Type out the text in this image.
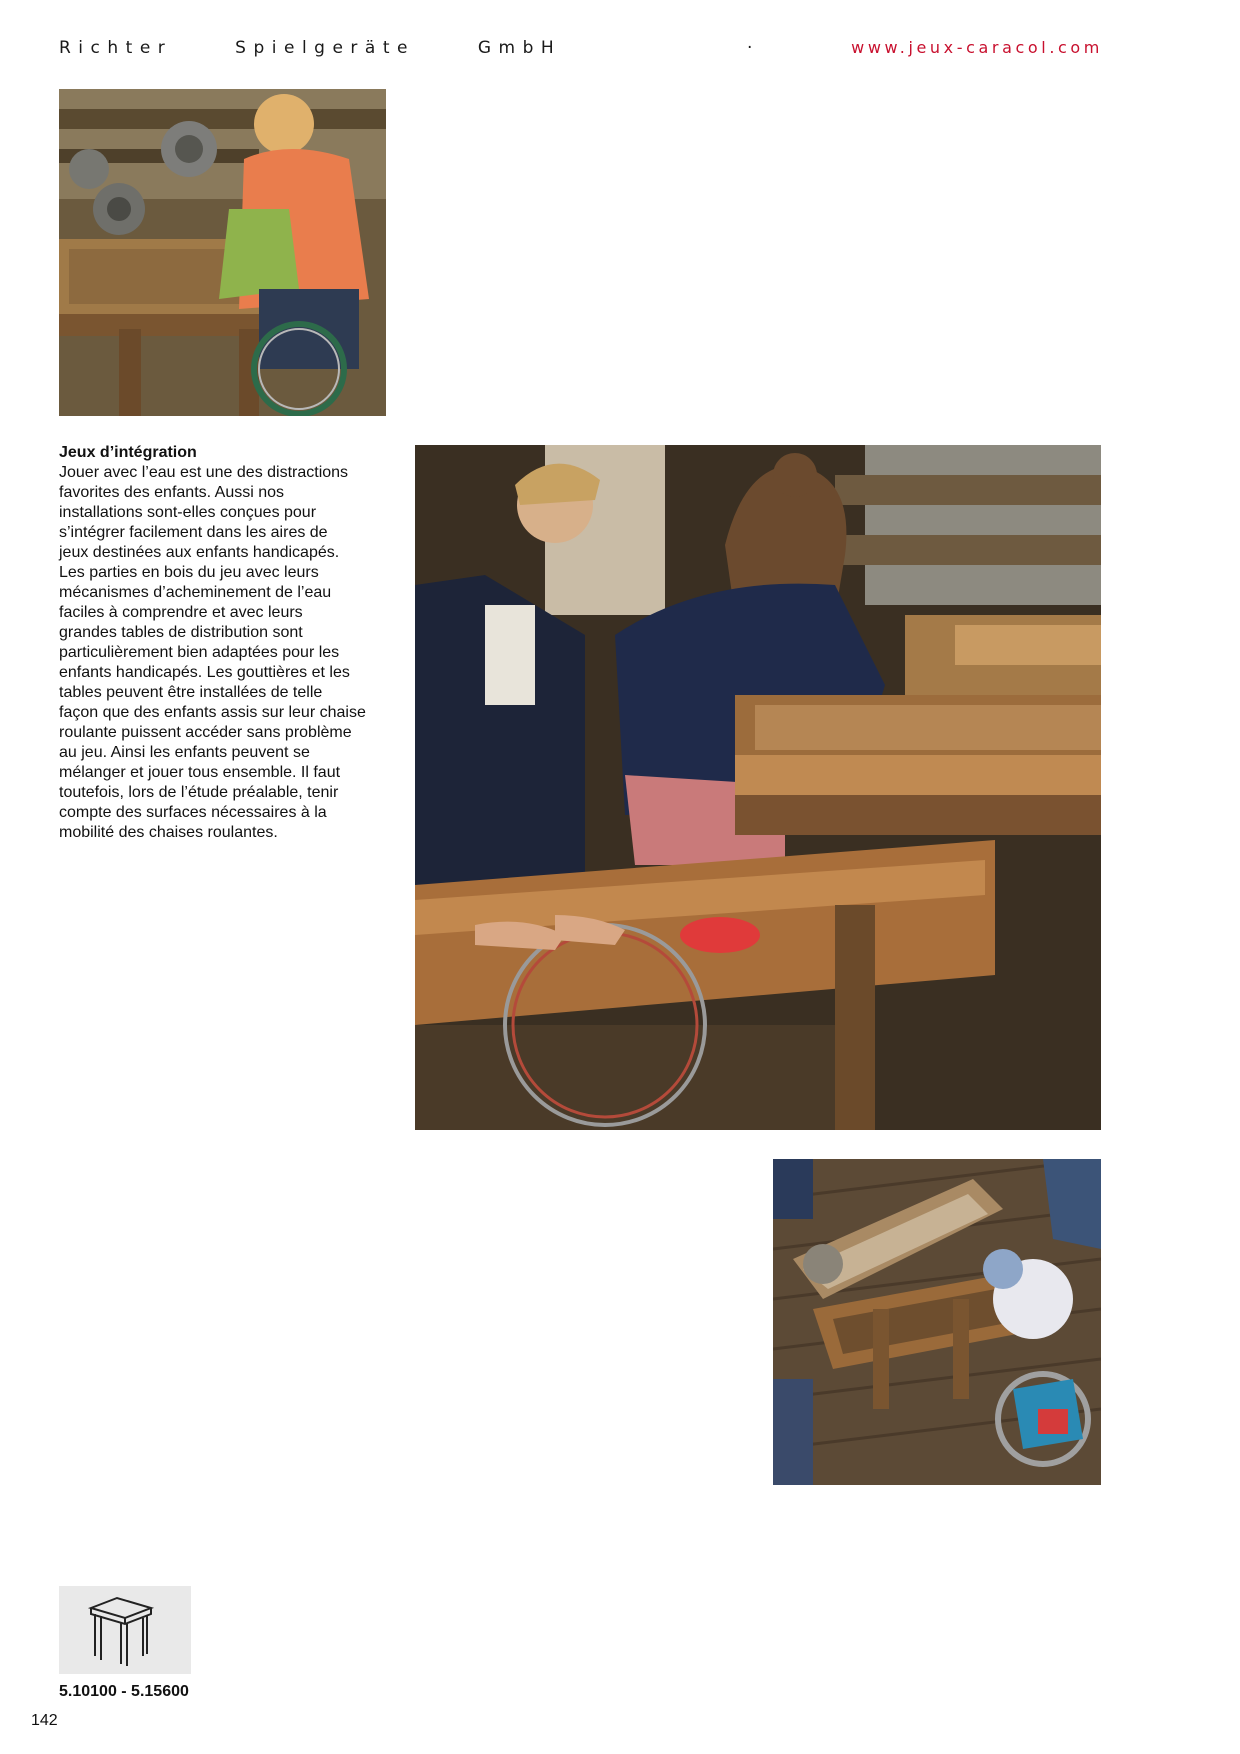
Richter Spielgeräte GmbH	·	www.jeux-caracol.com
Jeux d’intégration

Jouer avec l’eau est une des distractions
favorites des enfants. Aussi nos
installations sont-elles conçues pour
s’intégrer facilement dans les aires de
jeux destinées aux enfants handicapés.
Les parties en bois du jeu avec leurs
mécanismes d’acheminement de l’eau
faciles à comprendre et avec leurs
grandes tables de distribution sont
particulièrement bien adaptées pour les
enfants handicapés. Les gouttières et les
tables peuvent être installées de telle
façon que des enfants assis sur leur chaise
roulante puissent accéder sans problème
au jeu. Ainsi les enfants peuvent se
mélanger et jouer tous ensemble. Il faut
toutefois, lors de l’étude préalable, tenir
compte des surfaces nécessaires à la
mobilité des chaises roulantes.

5.10100 - 5.15600
142
